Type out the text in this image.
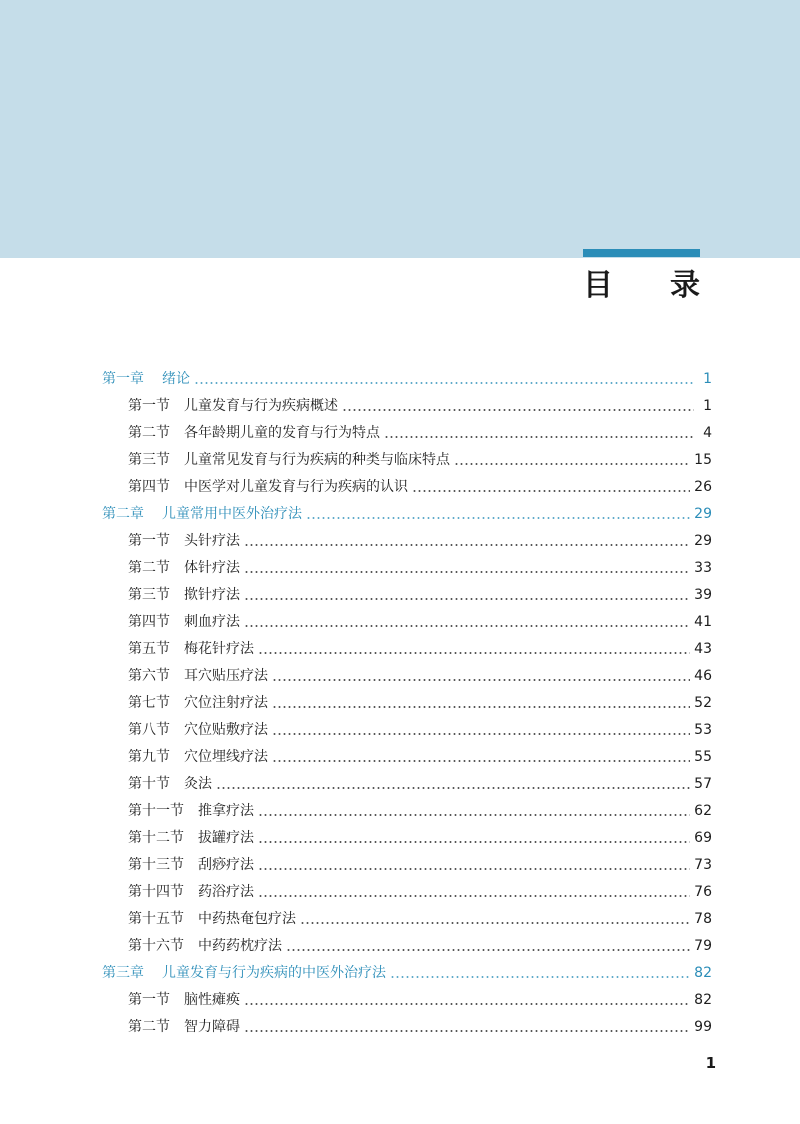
目 录
第一章 绪论	1
第一节 儿童发育与行为疾病概述	1
第二节 各年龄期儿童的发育与行为特点	4
第三节 儿童常见发育与行为疾病的种类与临床特点	15
第四节 中医学对儿童发育与行为疾病的认识	26
第二章 儿童常用中医外治疗法	29
第一节 头针疗法	29
第二节 体针疗法	33
第三节 揿针疗法	39
第四节 刺血疗法	41
第五节 梅花针疗法	43
第六节 耳穴贴压疗法	46
第七节 穴位注射疗法	52
第八节 穴位贴敷疗法	53
第九节 穴位埋线疗法	55
第十节 灸法	57
第十一节 推拿疗法	62
第十二节 拔罐疗法	69
第十三节 刮痧疗法	73
第十四节 药浴疗法	76
第十五节 中药热奄包疗法	78
第十六节 中药药枕疗法	79
第三章 儿童发育与行为疾病的中医外治疗法	82
第一节 脑性瘫痪	82
第二节 智力障碍	99
1
